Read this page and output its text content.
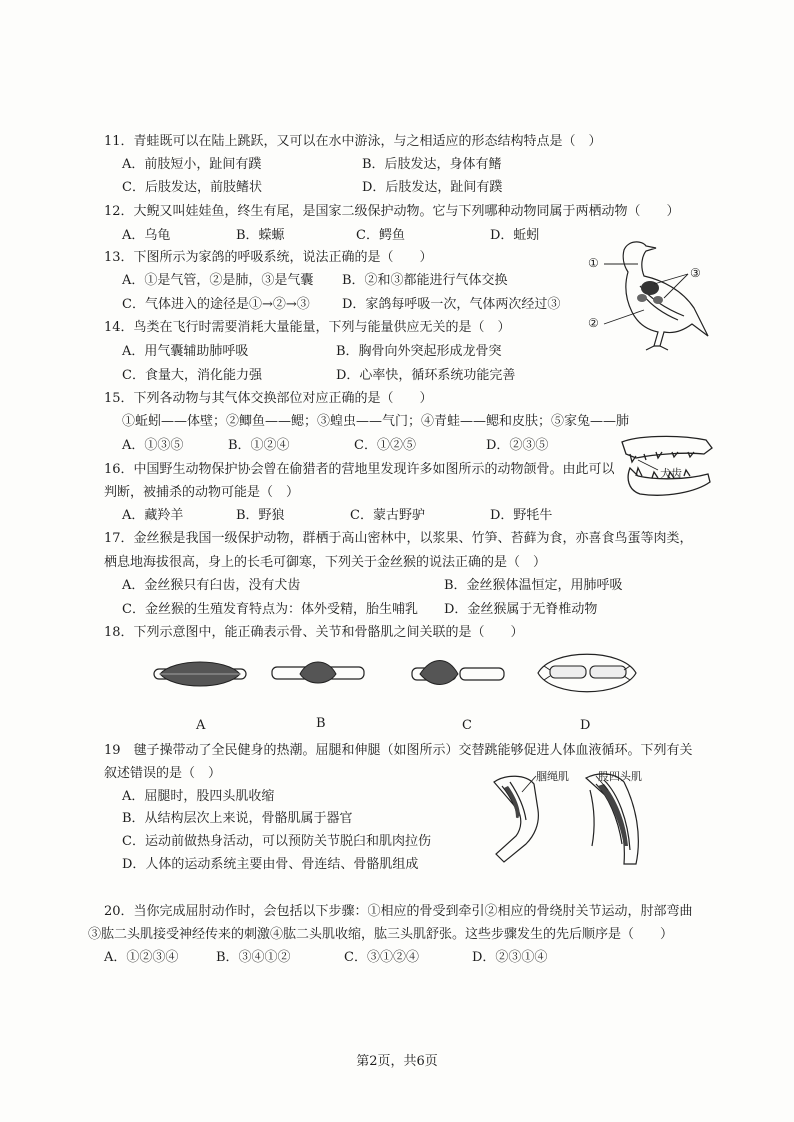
11．青蛙既可以在陆上跳跃，又可以在水中游泳，与之相适应的形态结构特点是（　）
A．前肢短小，趾间有蹼	B．后肢发达，身体有鳍
C．后肢发达，前肢鳍状	D．后肢发达，趾间有蹼
12．大鲵又叫娃娃鱼，终生有尾，是国家二级保护动物。它与下列哪种动物同属于两栖动物（　　）
A．乌龟	B．蝾螈	C．鳄鱼	D．蚯蚓
13．下图所示为家鸽的呼吸系统，说法正确的是（　　）
A．①是气管，②是肺，③是气囊 B．②和③都能进行气体交换
C．气体进入的途径是①→②→③ D．家鸽每呼吸一次，气体两次经过③
①
②
③
14．鸟类在飞行时需要消耗大量能量，下列与能量供应无关的是（　）
A．用气囊辅助肺呼吸	B．胸骨向外突起形成龙骨突
C．食量大，消化能力强	D．心率快，循环系统功能完善
15．下列各动物与其气体交换部位对应正确的是（　　）
①蚯蚓——体壁；②鲫鱼——鳃；③蝗虫——气门；④青蛙——鳃和皮肤；⑤家兔——肺
A．①③⑤	B．①②④	C．①②⑤	D．②③⑤
犬齿
16．中国野生动物保护协会曾在偷猎者的营地里发现许多如图所示的动物颌骨。由此可以
判断，被捕杀的动物可能是（　）
A．藏羚羊	B．野狼	C．蒙古野驴	D．野牦牛
17．金丝猴是我国一级保护动物，群栖于高山密林中，以浆果、竹笋、苔藓为食，亦喜食鸟蛋等肉类，
栖息地海拔很高，身上的长毛可御寒，下列关于金丝猴的说法正确的是（　）
A．金丝猴只有臼齿，没有犬齿	B．金丝猴体温恒定，用肺呼吸
C．金丝猴的生殖发育特点为：体外受精，胎生哺乳 D．金丝猴属于无脊椎动物
18．下列示意图中，能正确表示骨、关节和骨骼肌之间关联的是（　　）
A	B	C	D
19　毽子操带动了全民健身的热潮。屈腿和伸腿（如图所示）交替跳能够促进人体血液循环。下列有关
叙述错误的是（　）
A．屈腿时，股四头肌收缩
B．从结构层次上来说，骨骼肌属于器官
C．运动前做热身活动，可以预防关节脱臼和肌肉拉伤
D．人体的运动系统主要由骨、骨连结、骨骼肌组成
腘绳肌	股四头肌
20．当你完成屈肘动作时，会包括以下步骤：①相应的骨受到牵引②相应的骨绕肘关节运动，肘部弯曲
③肱二头肌接受神经传来的刺激④肱二头肌收缩，肱三头肌舒张。这些步骤发生的先后顺序是（　　）
A．①②③④	B．③④①②	C．③①②④	D．②③①④
第2页，共6页
